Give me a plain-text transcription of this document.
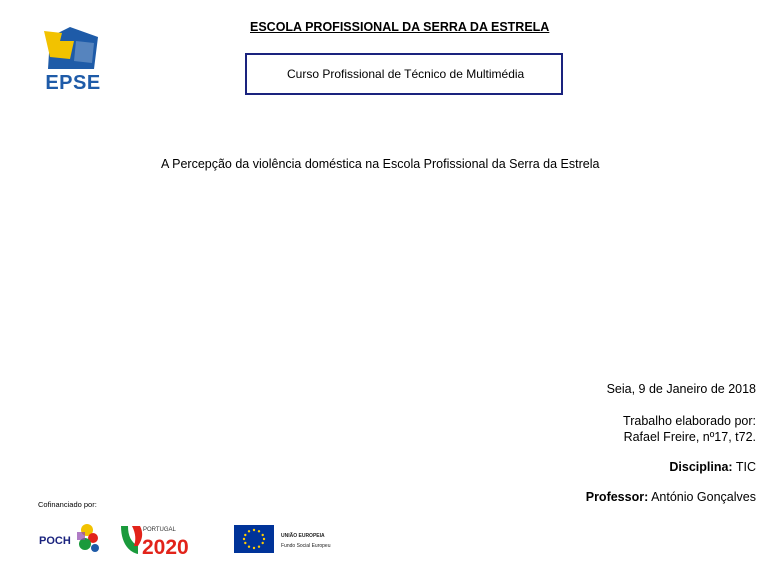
ESCOLA PROFISSIONAL DA SERRA DA ESTRELA
Curso Profissional de Técnico de Multimédia
EPSE
A Percepção da violência doméstica na Escola Profissional da Serra da Estrela
Seia, 9 de Janeiro de 2018
Trabalho elaborado por:
Rafael Freire, nº17, t72.
Disciplina: TIC
Professor: António Gonçalves
Cofinanciado por:
POCH
PORTUGAL
2020	UNIÃO EUROPEIA
Fundo Social Europeu
